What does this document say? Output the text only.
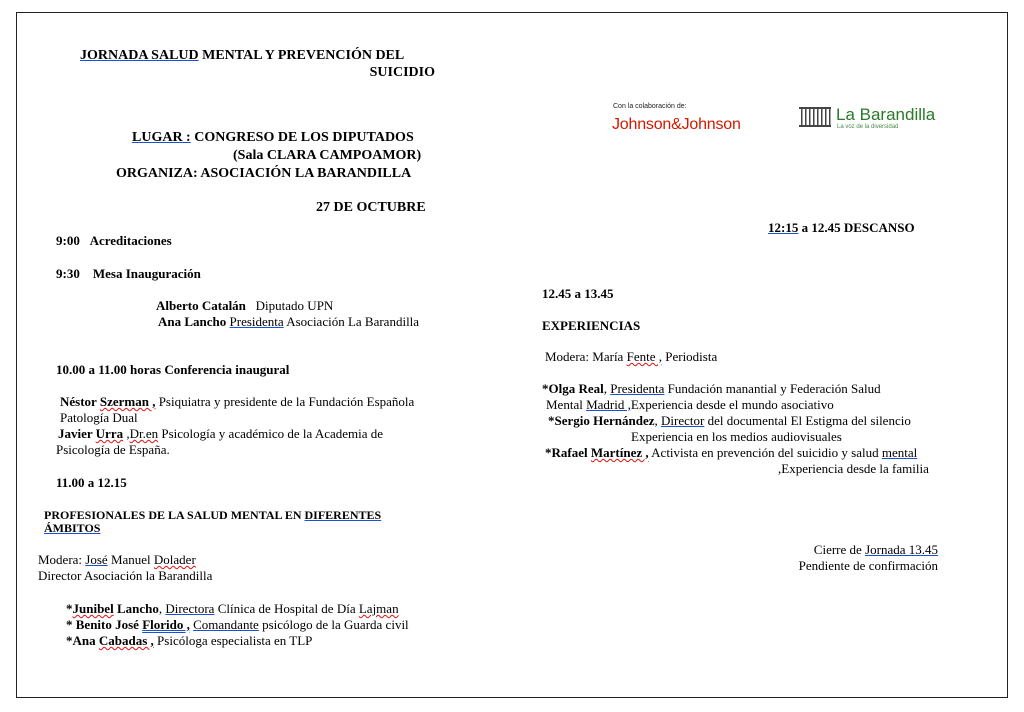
JORNADA SALUD MENTAL Y PREVENCIÓN DEL
SUICIDIO
LUGAR : CONGRESO DE LOS DIPUTADOS
(Sala CLARA CAMPOAMOR)
ORGANIZA: ASOCIACIÓN LA BARANDILLA
27 DE OCTUBRE
Con la colaboración de:
Johnson&Johnson
La Barandilla
La voz de la diversidad
9:00 Acreditaciones
9:30 Mesa Inauguración
Alberto Catalán Diputado UPN
Ana Lancho Presidenta Asociación La Barandilla
10.00 a 11.00 horas Conferencia inaugural
Néstor Szerman , Psiquiatra y presidente de la Fundación Española
Patología Dual
Javier Urra ,Dr.en Psicología y académico de la Academia de
Psicología de España.
11.00 a 12.15
PROFESIONALES DE LA SALUD MENTAL EN DIFERENTES
ÁMBITOS
Modera: José Manuel Dolader
Director Asociación la Barandilla
*Junibel Lancho, Directora Clínica de Hospital de Día Lajman
* Benito José Florido , Comandante psicólogo de la Guarda civil
*Ana Cabadas , Psicóloga especialista en TLP
12:15 a 12.45 DESCANSO
12.45 a 13.45
EXPERIENCIAS
Modera: María Fente , Periodista
*Olga Real, Presidenta Fundación manantial y Federación Salud
Mental Madrid ,Experiencia desde el mundo asociativo
*Sergio Hernández, Director del documental El Estigma del silencio
Experiencia en los medios audiovisuales
*Rafael Martínez , Activista en prevención del suicidio y salud mental
,Experiencia desde la familia
Cierre de Jornada 13.45
Pendiente de confirmación
